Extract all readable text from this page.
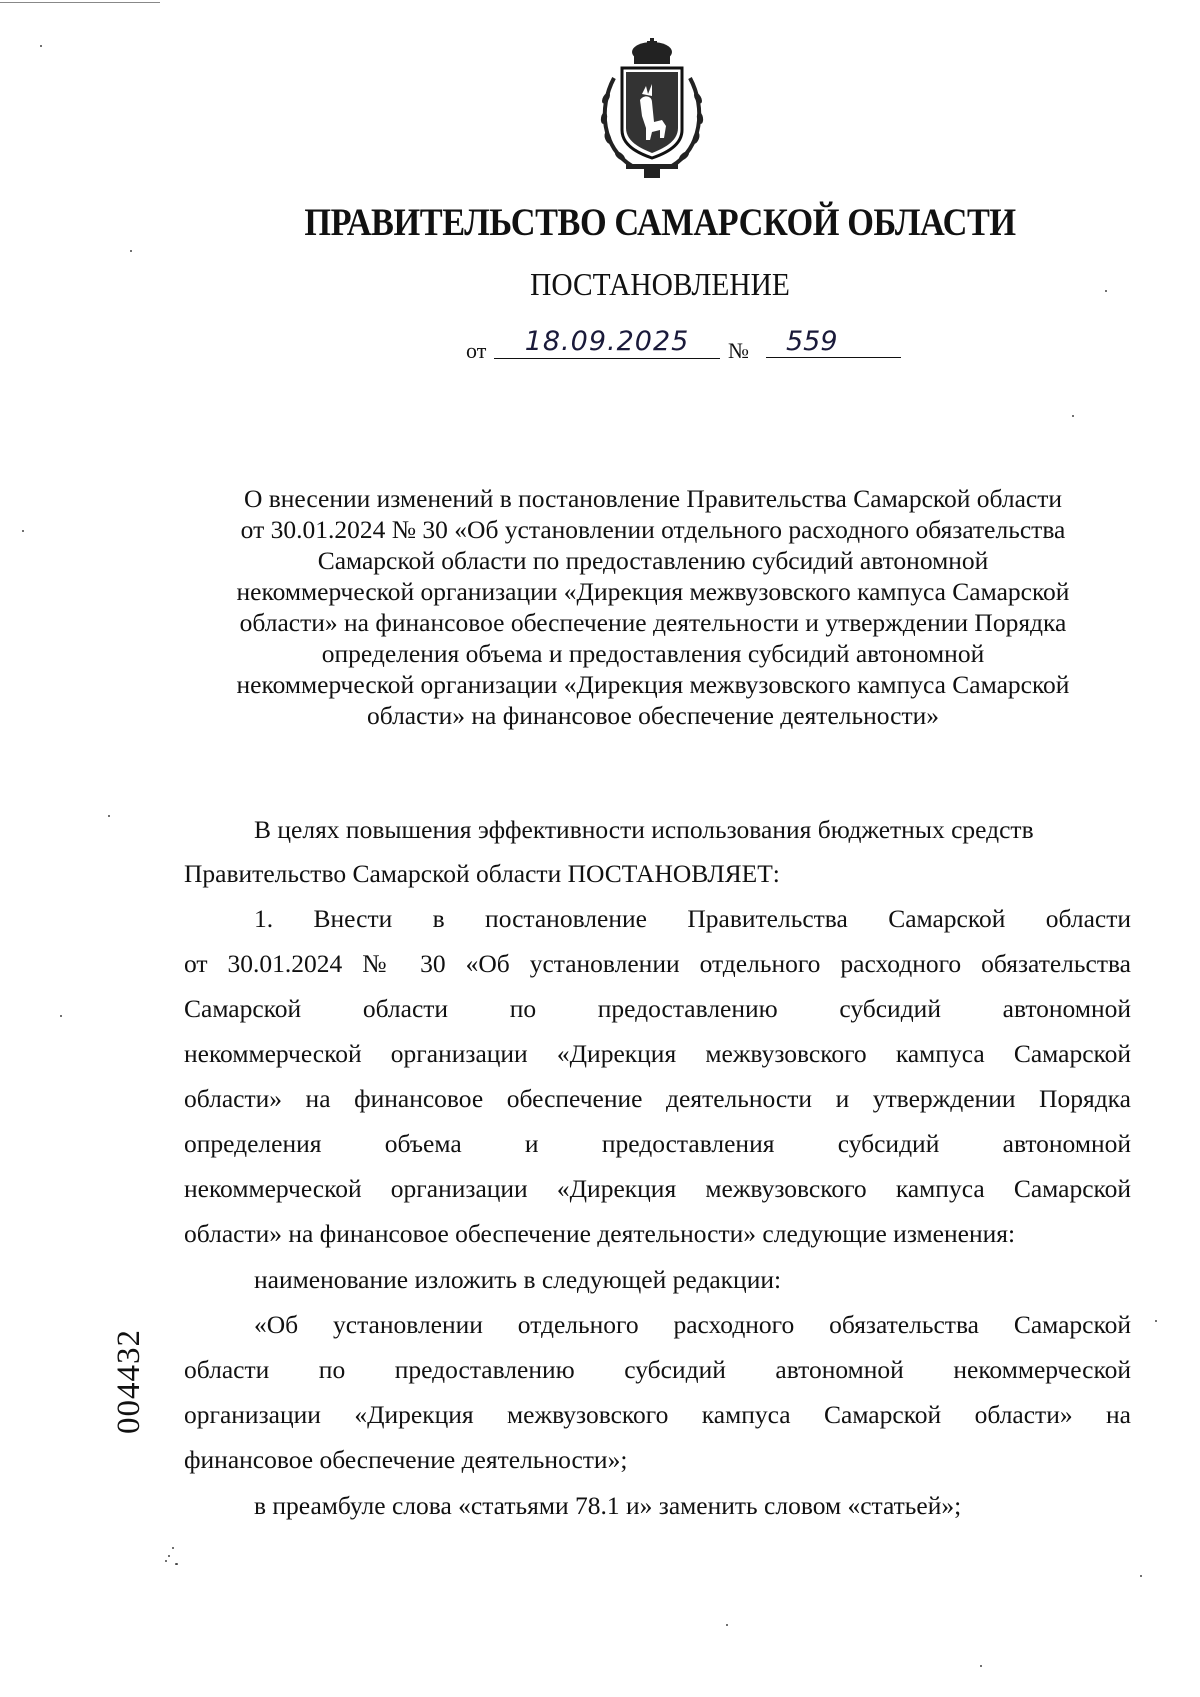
ПРАВИТЕЛЬСТВО САМАРСКОЙ ОБЛАСТИ
ПОСТАНОВЛЕНИЕ
от	18.09.2025	№	559
О внесении изменений в постановление Правительства Самарской области
от 30.01.2024 № 30 «Об установлении отдельного расходного обязательства
Самарской области по предоставлению субсидий автономной
некоммерческой организации «Дирекция межвузовского кампуса Самарской
области» на финансовое обеспечение деятельности и утверждении Порядка
определения объема и предоставления субсидий автономной
некоммерческой организации «Дирекция межвузовского кампуса Самарской
области» на финансовое обеспечение деятельности»
В целях повышения эффективности использования бюджетных средств
Правительство Самарской области ПОСТАНОВЛЯЕТ:
1. Внести в постановление Правительства Самарской области
от 30.01.2024 № 30 «Об установлении отдельного расходного обязательства
Самарской области по предоставлению субсидий автономной
некоммерческой организации «Дирекция межвузовского кампуса Самарской
области» на финансовое обеспечение деятельности и утверждении Порядка
определения объема и предоставления субсидий автономной
некоммерческой организации «Дирекция межвузовского кампуса Самарской
области» на финансовое обеспечение деятельности» следующие изменения:
наименование изложить в следующей редакции:
«Об установлении отдельного расходного обязательства Самарской
области по предоставлению субсидий автономной некоммерческой
организации «Дирекция межвузовского кампуса Самарской области» на
финансовое обеспечение деятельности»;
в преамбуле слова «статьями 78.1 и» заменить словом «статьей»;
004432
